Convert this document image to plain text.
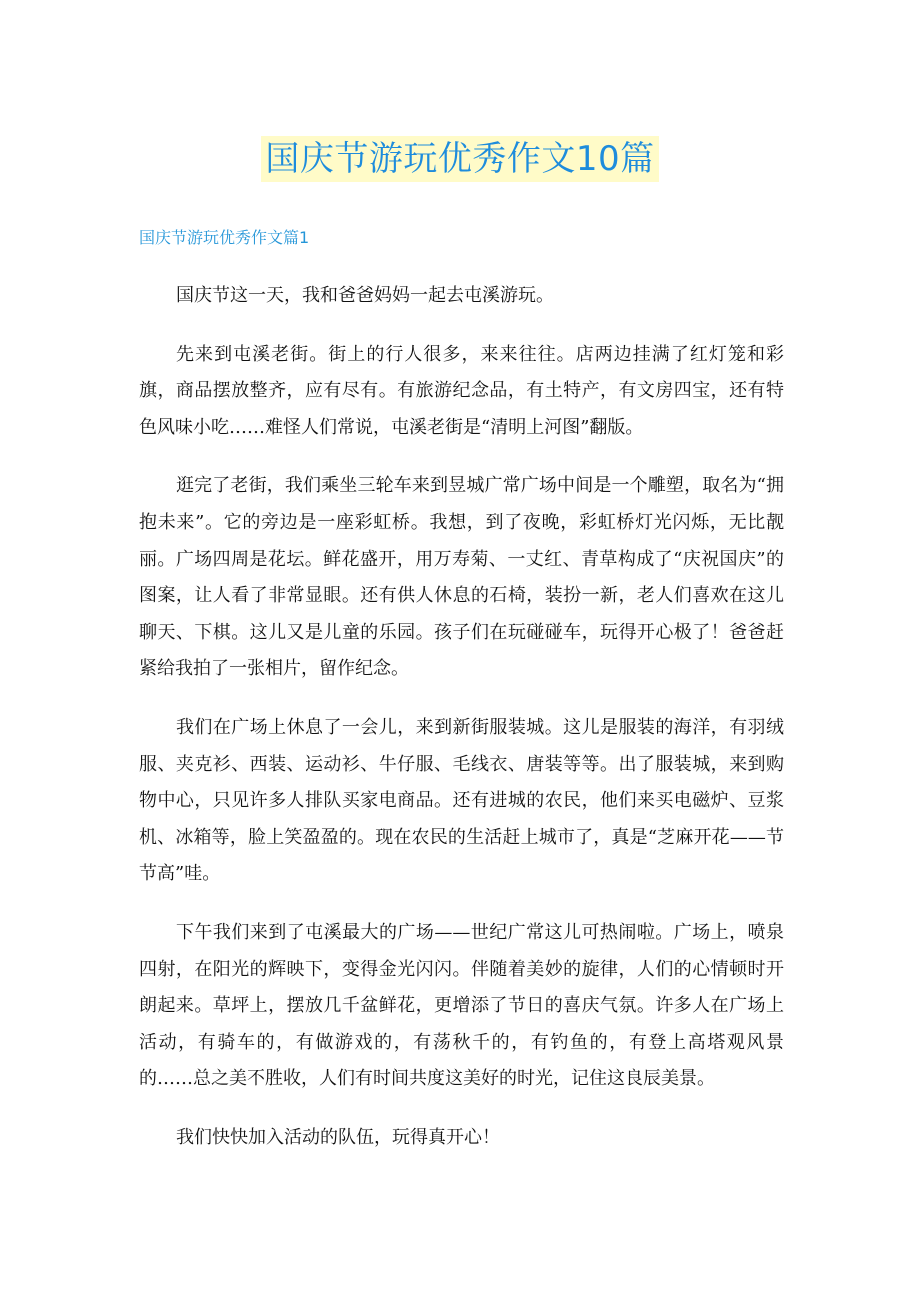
国庆节游玩优秀作文10篇
国庆节游玩优秀作文篇1

国庆节这一天，我和爸爸妈妈一起去屯溪游玩。

先来到屯溪老街。街上的行人很多，来来往往。店两边挂满了红灯笼和彩旗，商品摆放整齐，应有尽有。有旅游纪念品，有土特产，有文房四宝，还有特色风味小吃……难怪人们常说，屯溪老街是“清明上河图”翻版。

逛完了老街，我们乘坐三轮车来到昱城广常广场中间是一个雕塑，取名为“拥抱未来”。它的旁边是一座彩虹桥。我想，到了夜晚，彩虹桥灯光闪烁，无比靓丽。广场四周是花坛。鲜花盛开，用万寿菊、一丈红、青草构成了“庆祝国庆”的图案，让人看了非常显眼。还有供人休息的石椅，装扮一新，老人们喜欢在这儿聊天、下棋。这儿又是儿童的乐园。孩子们在玩碰碰车，玩得开心极了！爸爸赶紧给我拍了一张相片，留作纪念。

我们在广场上休息了一会儿，来到新街服装城。这儿是服装的海洋，有羽绒服、夹克衫、西装、运动衫、牛仔服、毛线衣、唐装等等。出了服装城，来到购物中心，只见许多人排队买家电商品。还有进城的农民，他们来买电磁炉、豆浆机、冰箱等，脸上笑盈盈的。现在农民的生活赶上城市了，真是“芝麻开花——节节高”哇。

下午我们来到了屯溪最大的广场——世纪广常这儿可热闹啦。广场上，喷泉四射，在阳光的辉映下，变得金光闪闪。伴随着美妙的旋律，人们的心情顿时开朗起来。草坪上，摆放几千盆鲜花，更增添了节日的喜庆气氛。许多人在广场上活动，有骑车的，有做游戏的，有荡秋千的，有钓鱼的，有登上高塔观风景的……总之美不胜收，人们有时间共度这美好的时光，记住这良辰美景。

我们快快加入活动的队伍，玩得真开心！
